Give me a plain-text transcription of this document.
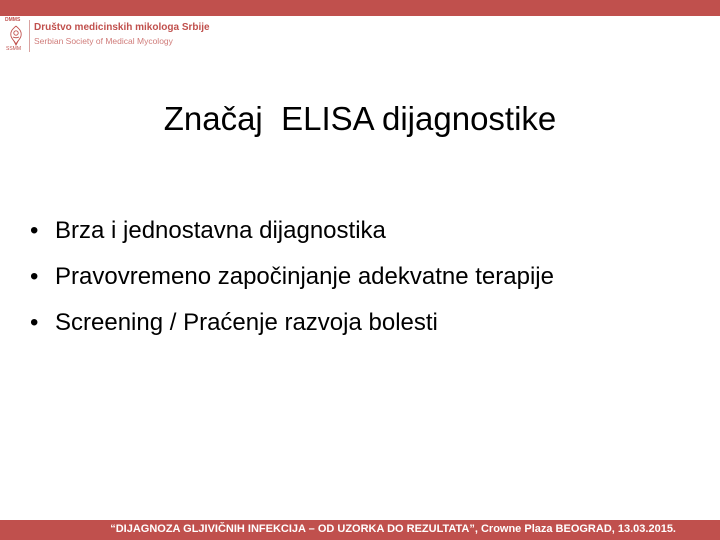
DMMS
SSMM
Društvo medicinskih mikologa Srbije
Serbian Society of Medical Mycology
Značaj  ELISA dijagnostike
• Brza i jednostavna dijagnostika
• Pravovremeno započinjanje adekvatne terapije
• Screening / Praćenje razvoja bolesti
“DIJAGNOZA GLJIVIČNIH INFEKCIJA – OD UZORKA DO REZULTATA”, Crowne Plaza BEOGRAD, 13.03.2015.
